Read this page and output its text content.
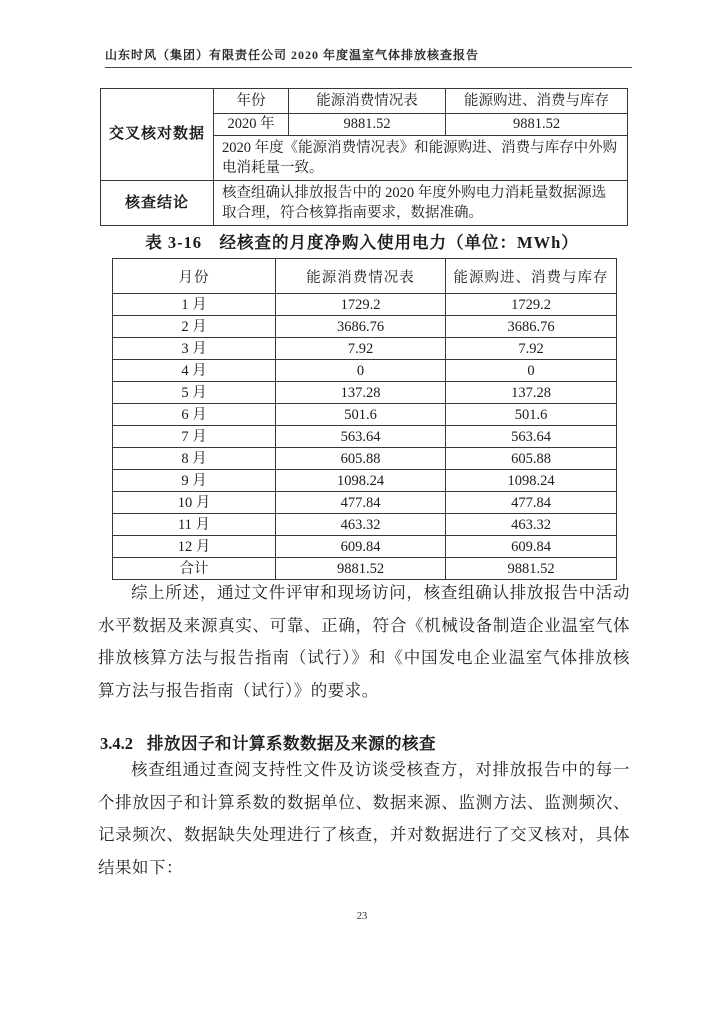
山东时风（集团）有限责任公司 2020 年度温室气体排放核查报告
交叉核对数据	年份	能源消费情况表	能源购进、消费与库存
	2020 年	9881.52	9881.52
	2020 年度《能源消费情况表》和能源购进、消费与库存中外购电消耗量一致。		
核查结论	核查组确认排放报告中的 2020 年度外购电力消耗量数据源选取合理，符合核算指南要求，数据准确。		
表 3-16　经核查的月度净购入使用电力（单位：MWh）
月份	能源消费情况表	能源购进、消费与库存
1 月	1729.2	1729.2
2 月	3686.76	3686.76
3 月	7.92	7.92
4 月	0	0
5 月	137.28	137.28
6 月	501.6	501.6
7 月	563.64	563.64
8 月	605.88	605.88
9 月	1098.24	1098.24
10 月	477.84	477.84
11 月	463.32	463.32
12 月	609.84	609.84
合计	9881.52	9881.52

综上所述，通过文件评审和现场访问，核查组确认排放报告中活动水平数据及来源真实、可靠、正确，符合《机械设备制造企业温室气体排放核算方法与报告指南（试行）》和《中国发电企业温室气体排放核算方法与报告指南（试行）》的要求。

3.4.2 排放因子和计算系数数据及来源的核查

核查组通过查阅支持性文件及访谈受核查方，对排放报告中的每一个排放因子和计算系数的数据单位、数据来源、监测方法、监测频次、记录频次、数据缺失处理进行了核查，并对数据进行了交叉核对，具体结果如下：

23
